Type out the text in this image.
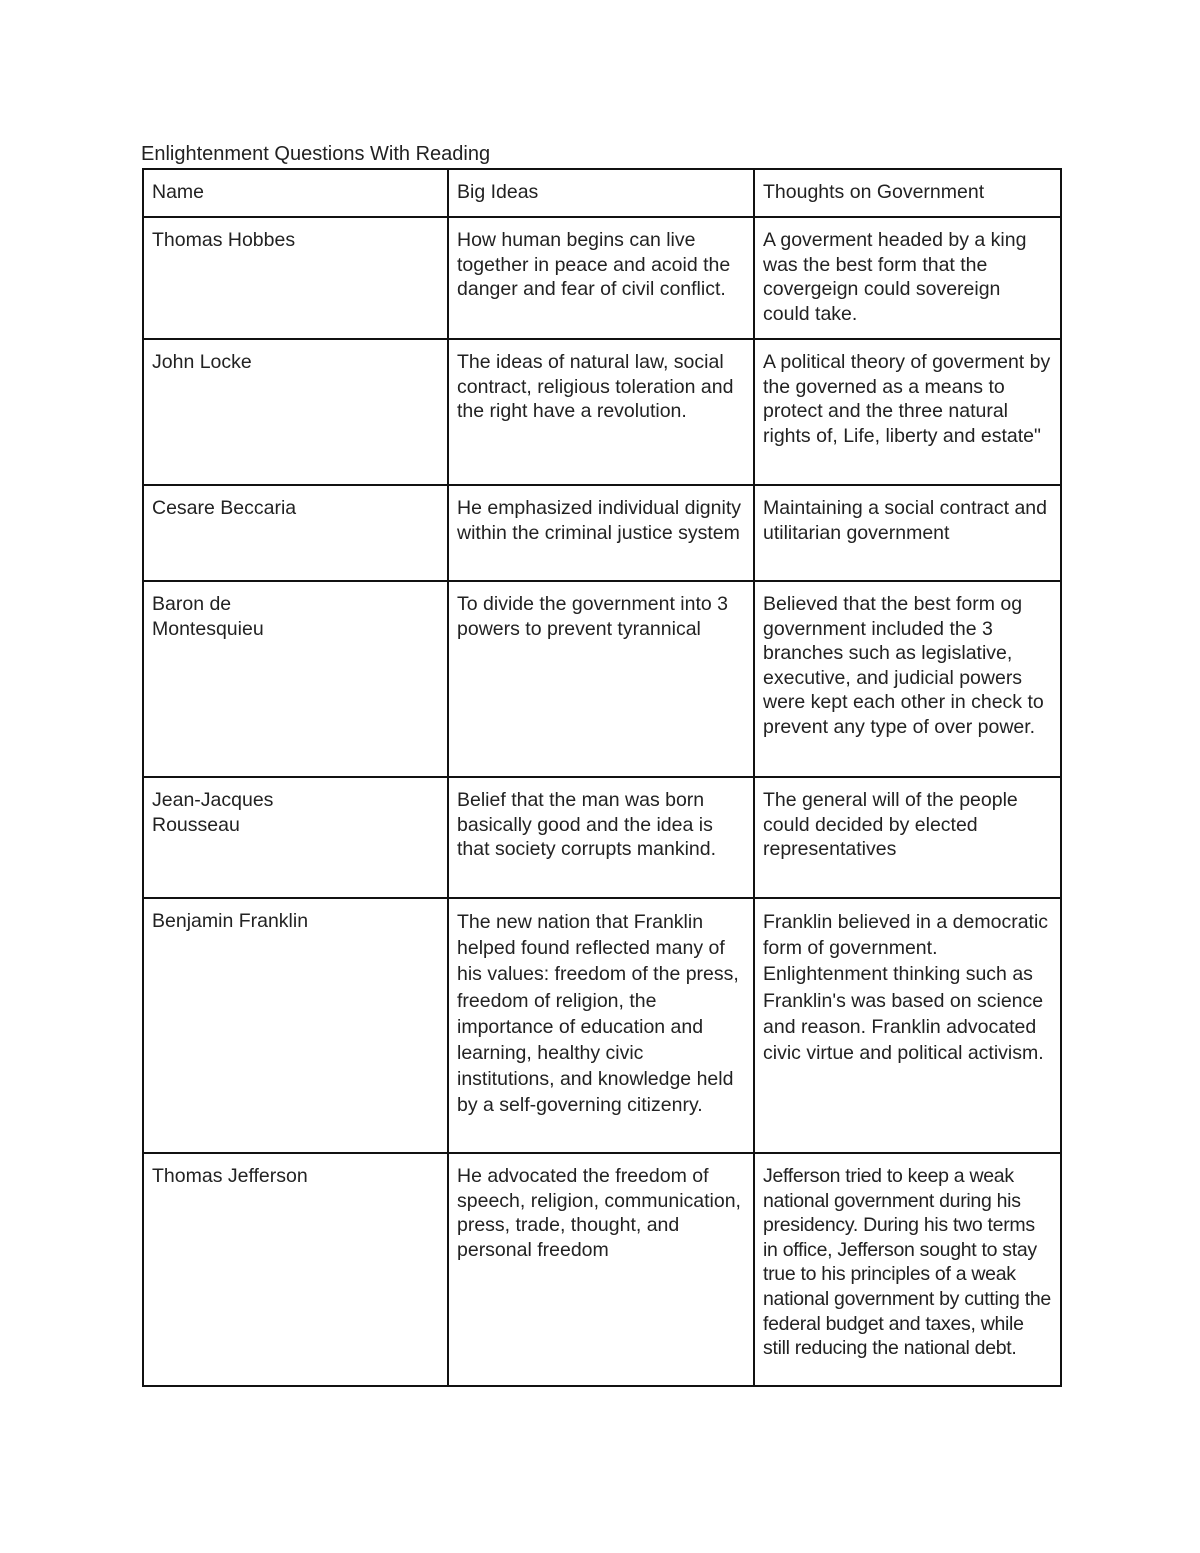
Enlightenment Questions With Reading
Name	Big Ideas	Thoughts on Government

Thomas Hobbes	How human begins can live together in peace and acoid the danger and fear of civil conflict.	A goverment headed by a king was the best form that the covergeign could sovereign could take.

John Locke	The ideas of natural law, social contract, religious toleration and the right have a revolution.	A political theory of goverment by the governed as a means to protect and the three natural rights of, Life, liberty and estate"

Cesare Beccaria	He emphasized individual dignity within the criminal justice system	Maintaining a social contract and utilitarian government

Baron de
Montesquieu	To divide the government into 3 powers to prevent tyrannical	Believed that the best form og government included the 3 branches such as legislative, executive, and judicial powers were kept each other in check to prevent any type of over power.

Jean-Jacques
Rousseau	Belief that the man was born basically good and the idea is that society corrupts mankind.	The general will of the people could decided by elected representatives

Benjamin Franklin	The new nation that Franklin helped found reflected many of his values: freedom of the press, freedom of religion, the importance of education and learning, healthy civic institutions, and knowledge held by a self-governing citizenry.	Franklin believed in a democratic form of government. Enlightenment thinking such as Franklin's was based on science and reason. Franklin advocated civic virtue and political activism.

Thomas Jefferson	He advocated the freedom of speech, religion, communication, press, trade, thought, and personal freedom	Jefferson tried to keep a weak national government during his presidency. During his two terms in office, Jefferson sought to stay true to his principles of a weak national government by cutting the federal budget and taxes, while still reducing the national debt.
